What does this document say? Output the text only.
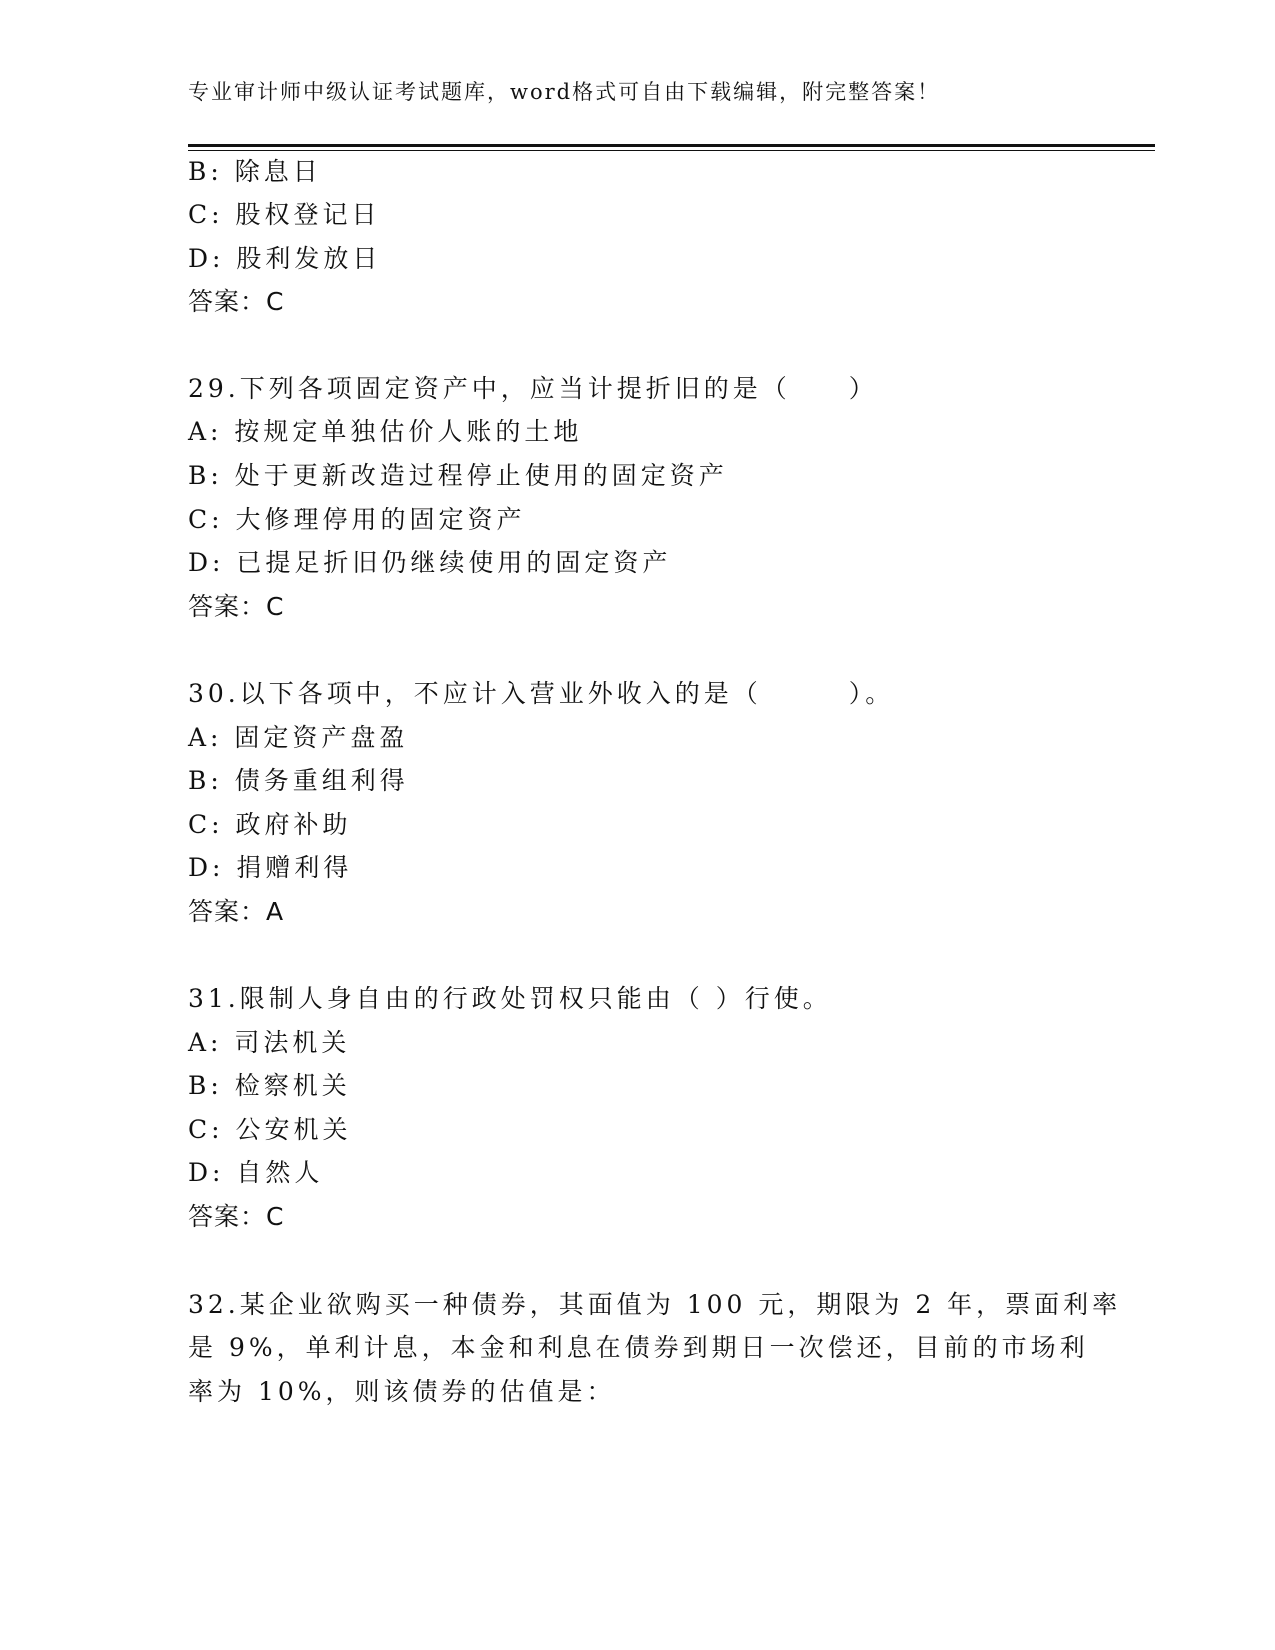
专业审计师中级认证考试题库，word格式可自由下载编辑，附完整答案！
B: 除息日
C: 股权登记日
D: 股利发放日
答案：C
29.下列各项固定资产中，应当计提折旧的是（　　）
A: 按规定单独估价人账的土地
B: 处于更新改造过程停止使用的固定资产
C: 大修理停用的固定资产
D: 已提足折旧仍继续使用的固定资产
答案：C
30.以下各项中，不应计入营业外收入的是（　　　）。
A: 固定资产盘盈
B: 债务重组利得
C: 政府补助
D: 捐赠利得
答案：A
31.限制人身自由的行政处罚权只能由（ ）行使。
A: 司法机关
B: 检察机关
C: 公安机关
D: 自然人
答案：C
32.某企业欲购买一种债券，其面值为 100 元，期限为 2 年，票面利率
是 9%，单利计息，本金和利息在债券到期日一次偿还，目前的市场利
率为 10%，则该债券的估值是：
